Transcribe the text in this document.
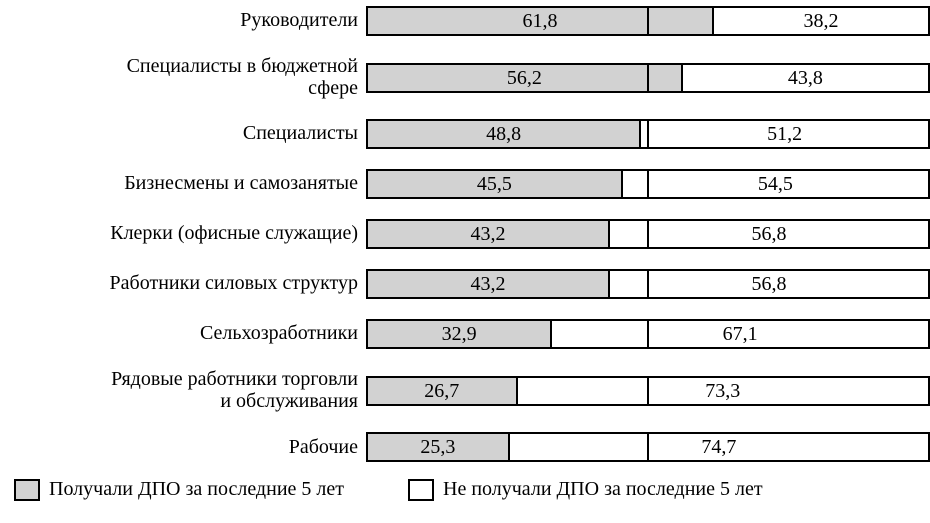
Руководители	61,8	38,2
Специалисты в бюджетной
сфере	56,2	43,8
Специалисты	48,8	51,2
Бизнесмены и самозанятые	45,5	54,5
Клерки (офисные служащие)	43,2	56,8
Работники силовых структур	43,2	56,8
Сельхозработники	32,9	67,1
Рядовые работники торговли
и обслуживания	26,7	73,3
Рабочие	25,3	74,7
Получали ДПО за последние 5 лет	Не получали ДПО за последние 5 лет
